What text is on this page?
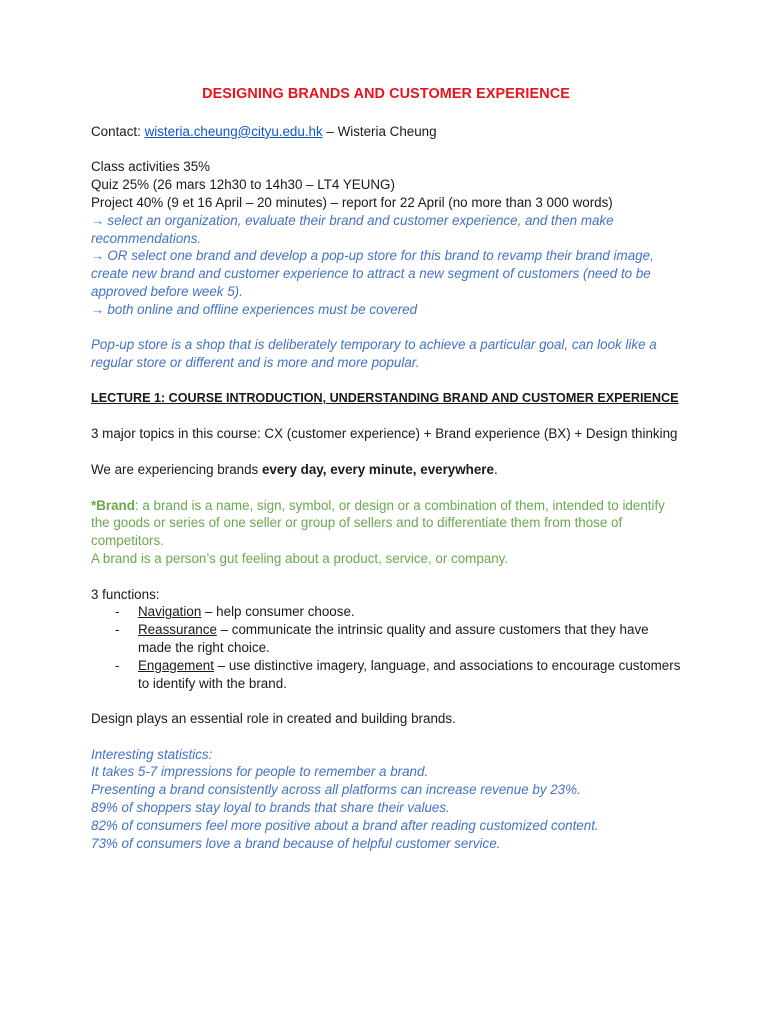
DESIGNING BRANDS AND CUSTOMER EXPERIENCE

Contact: wisteria.cheung@cityu.edu.hk – Wisteria Cheung

Class activities 35%

Quiz 25% (26 mars 12h30 to 14h30 – LT4 YEUNG)

Project 40% (9 et 16 April – 20 minutes) – report for 22 April (no more than 3 000 words)

→ select an organization, evaluate their brand and customer experience, and then make recommendations.

→ OR select one brand and develop a pop-up store for this brand to revamp their brand image, create new brand and customer experience to attract a new segment of customers (need to be approved before week 5).

→ both online and offline experiences must be covered

Pop-up store is a shop that is deliberately temporary to achieve a particular goal, can look like a regular store or different and is more and more popular.

LECTURE 1: COURSE INTRODUCTION, UNDERSTANDING BRAND AND CUSTOMER EXPERIENCE

3 major topics in this course: CX (customer experience) + Brand experience (BX) + Design thinking

We are experiencing brands every day, every minute, everywhere.

*Brand: a brand is a name, sign, symbol, or design or a combination of them, intended to identify the goods or series of one seller or group of sellers and to differentiate them from those of competitors.

A brand is a person’s gut feeling about a product, service, or company.

3 functions:

- Navigation – help consumer choose.
- Reassurance – communicate the intrinsic quality and assure customers that they have made the right choice.
- Engagement – use distinctive imagery, language, and associations to encourage customers to identify with the brand.

Design plays an essential role in created and building brands.

Interesting statistics:

It takes 5-7 impressions for people to remember a brand.

Presenting a brand consistently across all platforms can increase revenue by 23%.

89% of shoppers stay loyal to brands that share their values.

82% of consumers feel more positive about a brand after reading customized content.

73% of consumers love a brand because of helpful customer service.
